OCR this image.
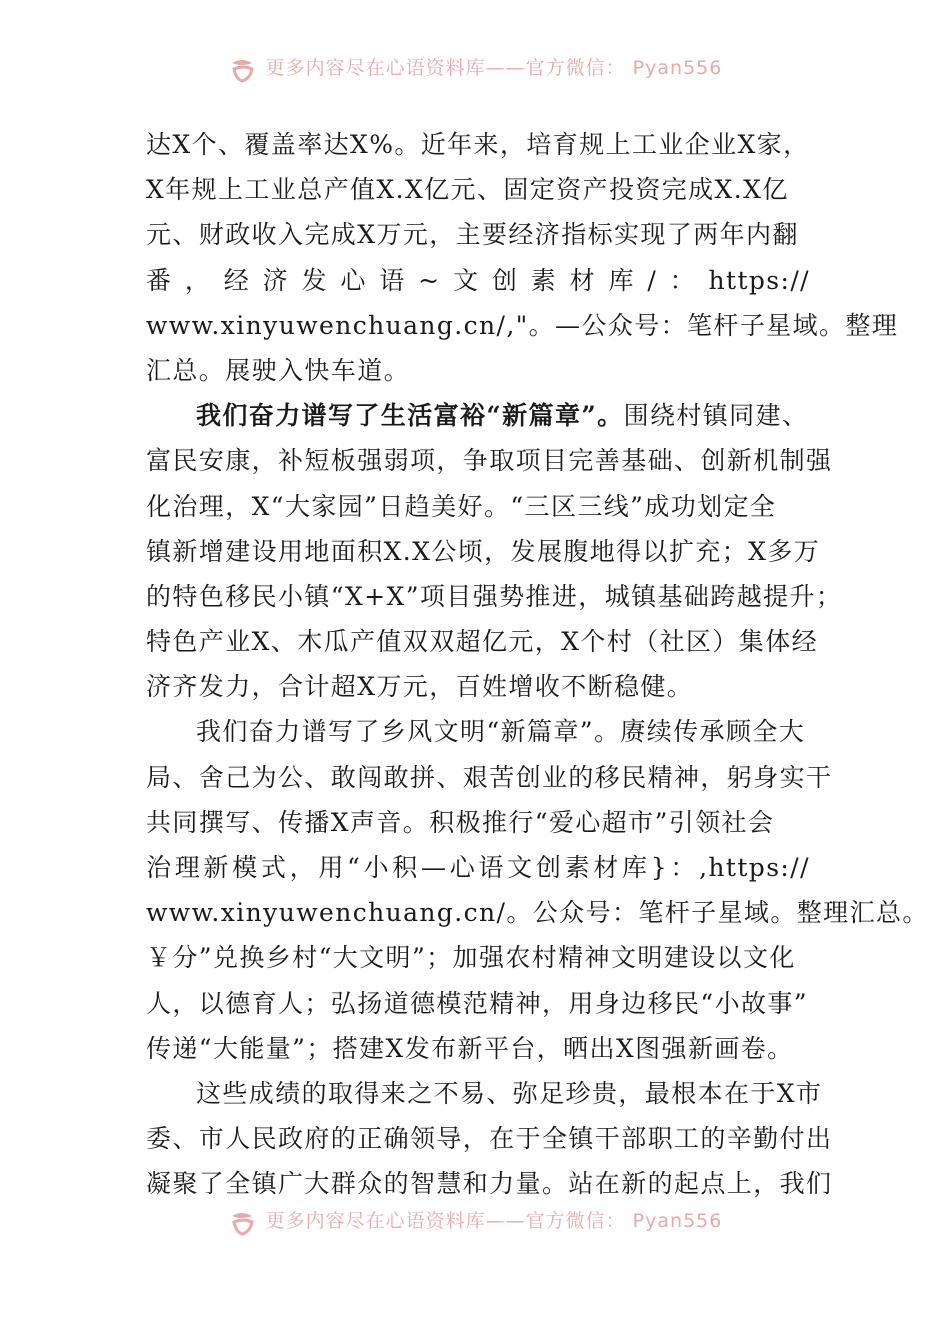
更多内容尽在心语资料库——官方微信： Pyan556
达X个、覆盖率达X%。近年来，培育规上工业企业X家，
X年规上工业总产值X.X亿元、固定资产投资完成X.X亿
元、财政收入完成X万元，主要经济指标实现了两年内翻
番 ， 经 济 发 心 语 ~ 文 创 素 材 库 / ： https://
www.xinyuwenchuang.cn/,"。—公众号：笔杆子星域。整理
汇总。展驶入快车道。
我们奋力谱写了生活富裕“新篇章”。围绕村镇同建、
富民安康，补短板强弱项，争取项目完善基础、创新机制强
化治理，X“大家园”日趋美好。“三区三线”成功划定全
镇新增建设用地面积X.X公顷，发展腹地得以扩充；X多万
的特色移民小镇“X+X”项目强势推进，城镇基础跨越提升；
特色产业X、木瓜产值双双超亿元，X个村（社区）集体经
济齐发力，合计超X万元，百姓增收不断稳健。
我们奋力谱写了乡风文明“新篇章”。赓续传承顾全大
局、舍己为公、敢闯敢拼、艰苦创业的移民精神，躬身实干
共同撰写、传播X声音。积极推行“爱心超市”引领社会
治 理 新 模 式 ， 用 “ 小 积 — 心 语 文 创 素 材 库 } ： ,https://
www.xinyuwenchuang.cn/。公众号：笔杆子星域。整理汇总。
￥分”兑换乡村“大文明”；加强农村精神文明建设以文化
人，以德育人；弘扬道德模范精神，用身边移民“小故事”
传递“大能量”；搭建X发布新平台，晒出X图强新画卷。
这些成绩的取得来之不易、弥足珍贵，最根本在于X市
委、市人民政府的正确领导，在于全镇干部职工的辛勤付出
凝聚了全镇广大群众的智慧和力量。站在新的起点上，我们
更多内容尽在心语资料库——官方微信： Pyan556
